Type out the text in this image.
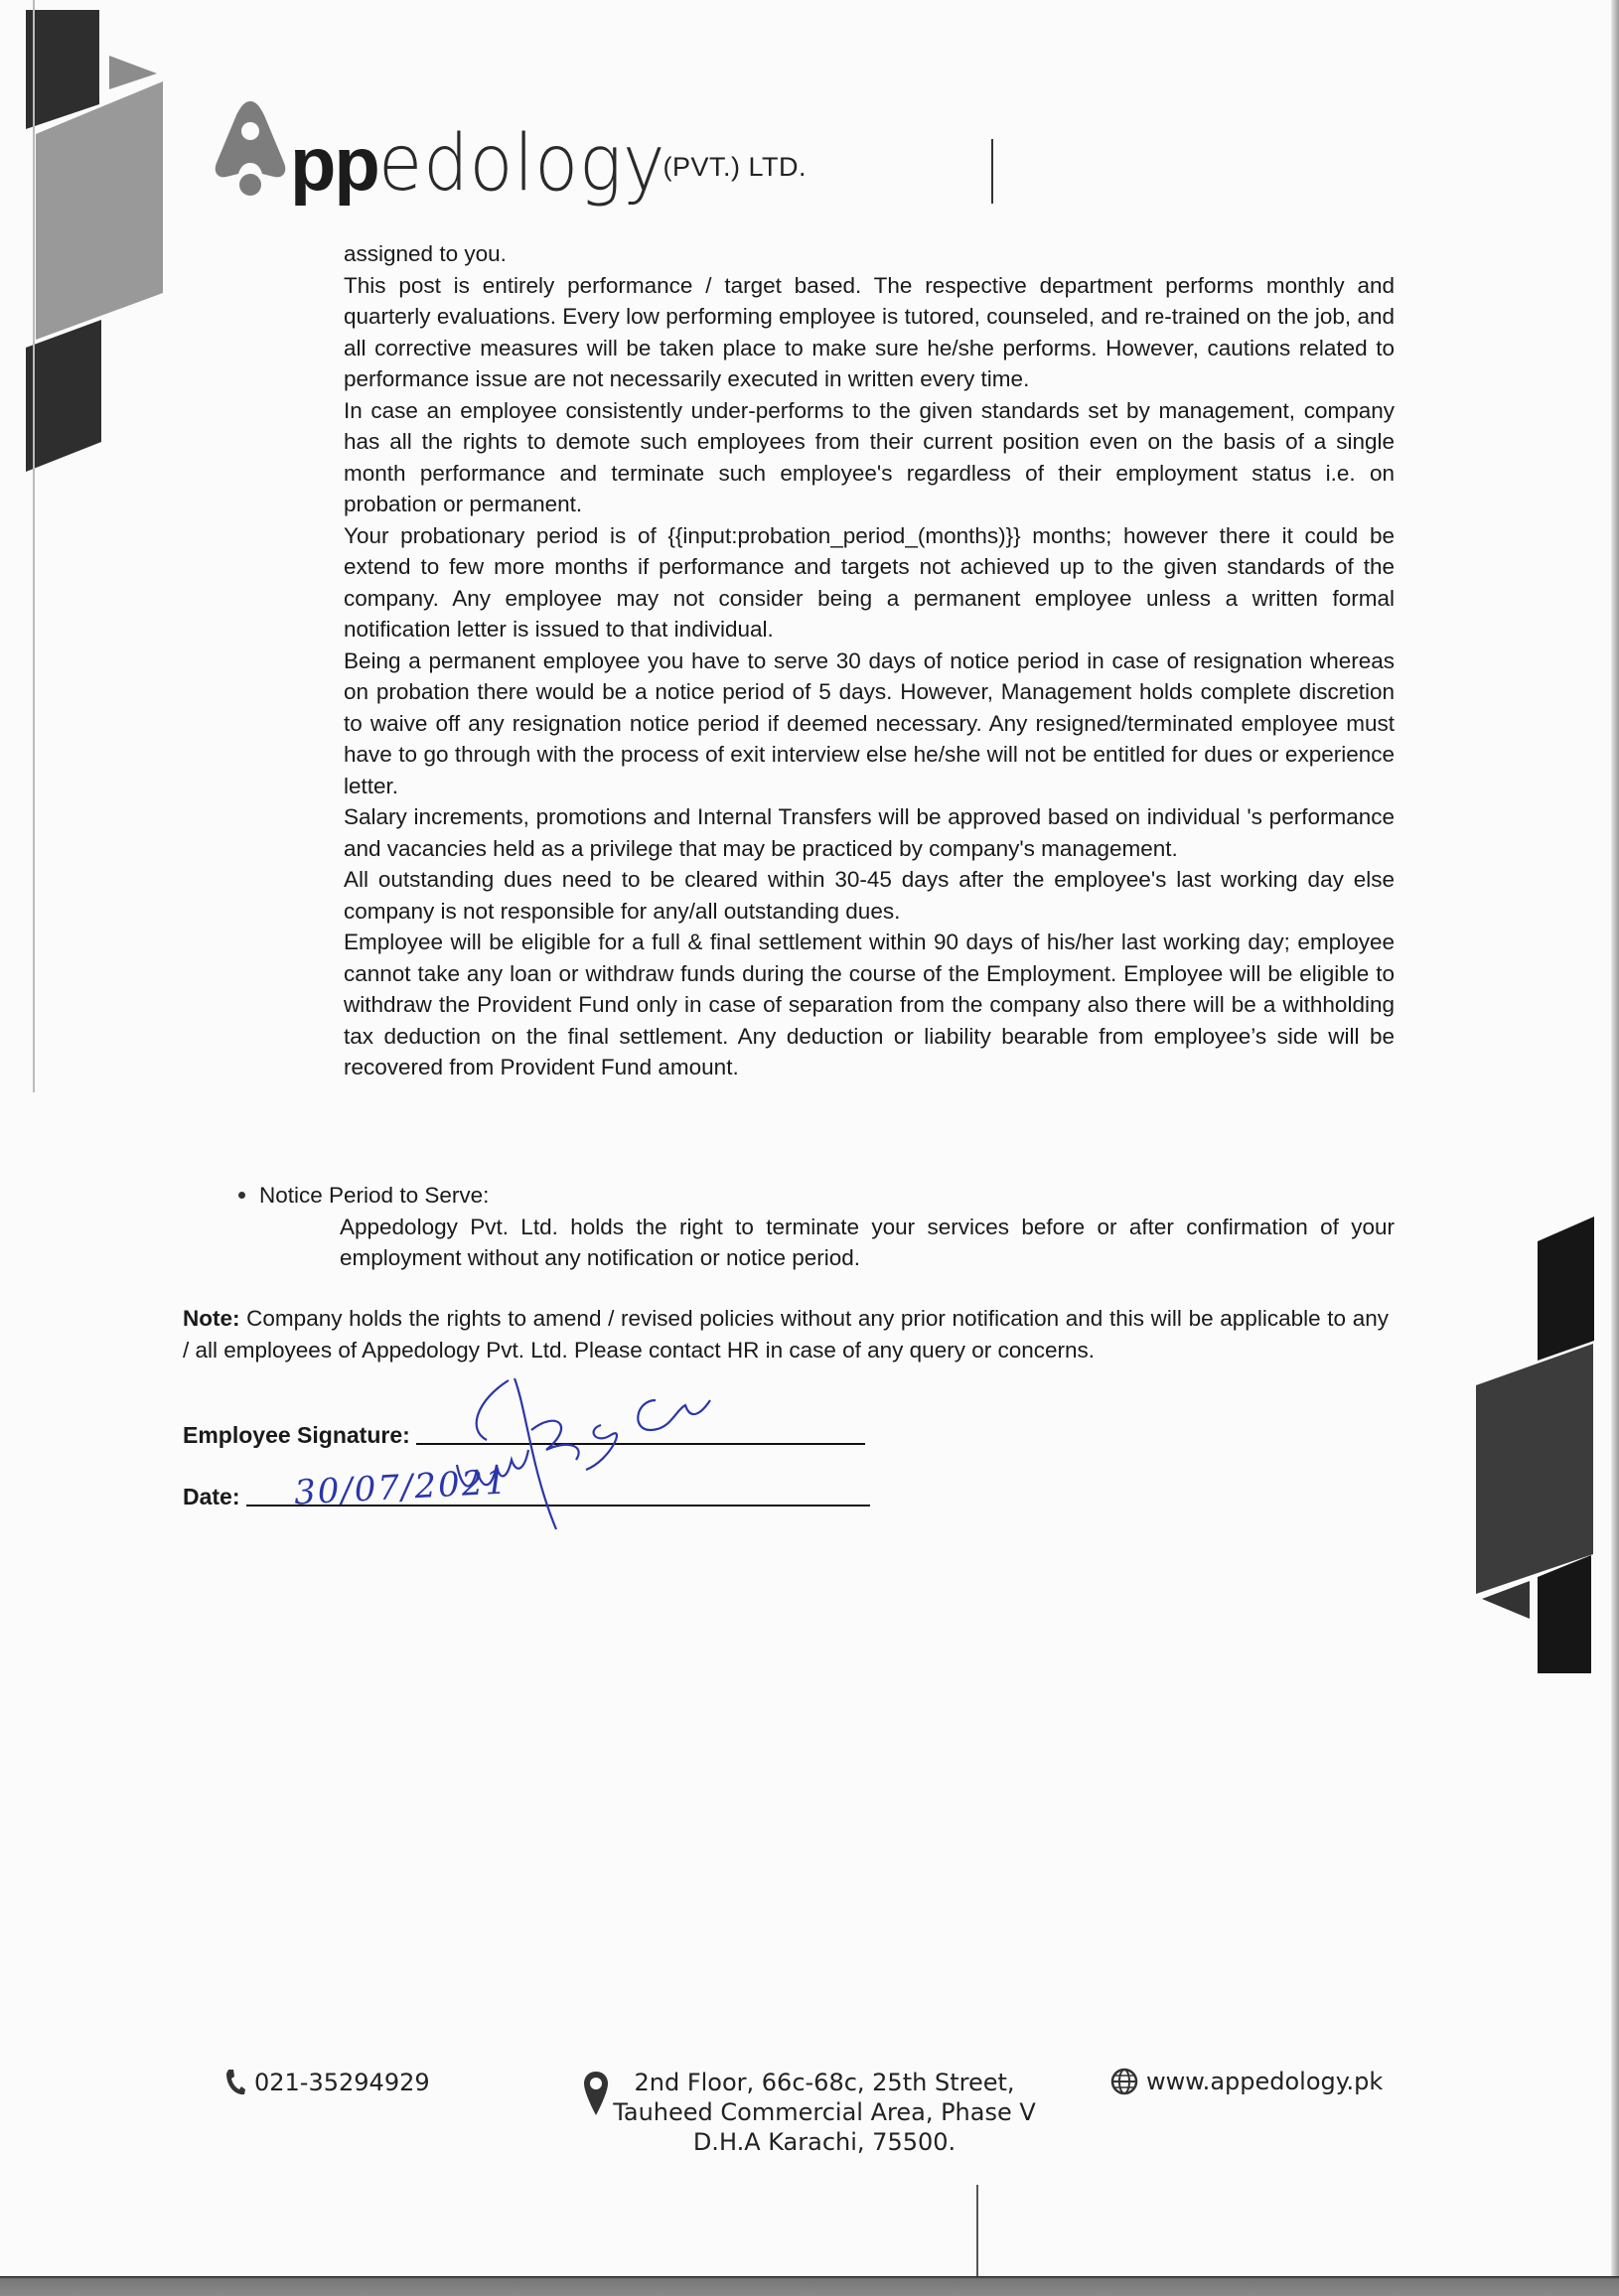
pp edology
(PVT.) LTD.

assigned to you.

This post is entirely performance / target based. The respective department performs monthly and quarterly evaluations. Every low performing employee is tutored, counseled, and re-trained on the job, and all corrective measures will be taken place to make sure he/she performs. However, cautions related to performance issue are not necessarily executed in written every time.

In case an employee consistently under-performs to the given standards set by management, company has all the rights to demote such employees from their current position even on the basis of a single month performance and terminate such employee's regardless of their employment status i.e. on probation or permanent.

Your probationary period is of {{input:probation_period_(months)}} months; however there it could be extend to few more months if performance and targets not achieved up to the given standards of the company. Any employee may not consider being a permanent employee unless a written formal notification letter is issued to that individual.

Being a permanent employee you have to serve 30 days of notice period in case of resignation whereas on probation there would be a notice period of 5 days. However, Management holds complete discretion to waive off any resignation notice period if deemed necessary. Any resigned/terminated employee must have to go through with the process of exit interview else he/she will not be entitled for dues or experience letter.

Salary increments, promotions and Internal Transfers will be approved based on individual 's performance and vacancies held as a privilege that may be practiced by company's management.

All outstanding dues need to be cleared within 30-45 days after the employee's last working day else company is not responsible for any/all outstanding dues.

Employee will be eligible for a full & final settlement within 90 days of his/her last working day; employee cannot take any loan or withdraw funds during the course of the Employment. Employee will be eligible to withdraw the Provident Fund only in case of separation from the company also there will be a withholding tax deduction on the final settlement. Any deduction or liability bearable from employee’s side will be recovered from Provident Fund amount.

Notice Period to Serve:
Appedology Pvt. Ltd. holds the right to terminate your services before or after confirmation of your employment without any notification or notice period.
Note: Company holds the rights to amend / revised policies without any prior notification and this will be applicable to any / all employees of Appedology Pvt. Ltd. Please contact HR in case of any query or concerns.
Employee Signature:
Date: 30/07/2021
021-35294929	2nd Floor, 66c-68c, 25th Street,
Tauheed Commercial Area, Phase V
D.H.A Karachi, 75500.
www.appedology.pk
